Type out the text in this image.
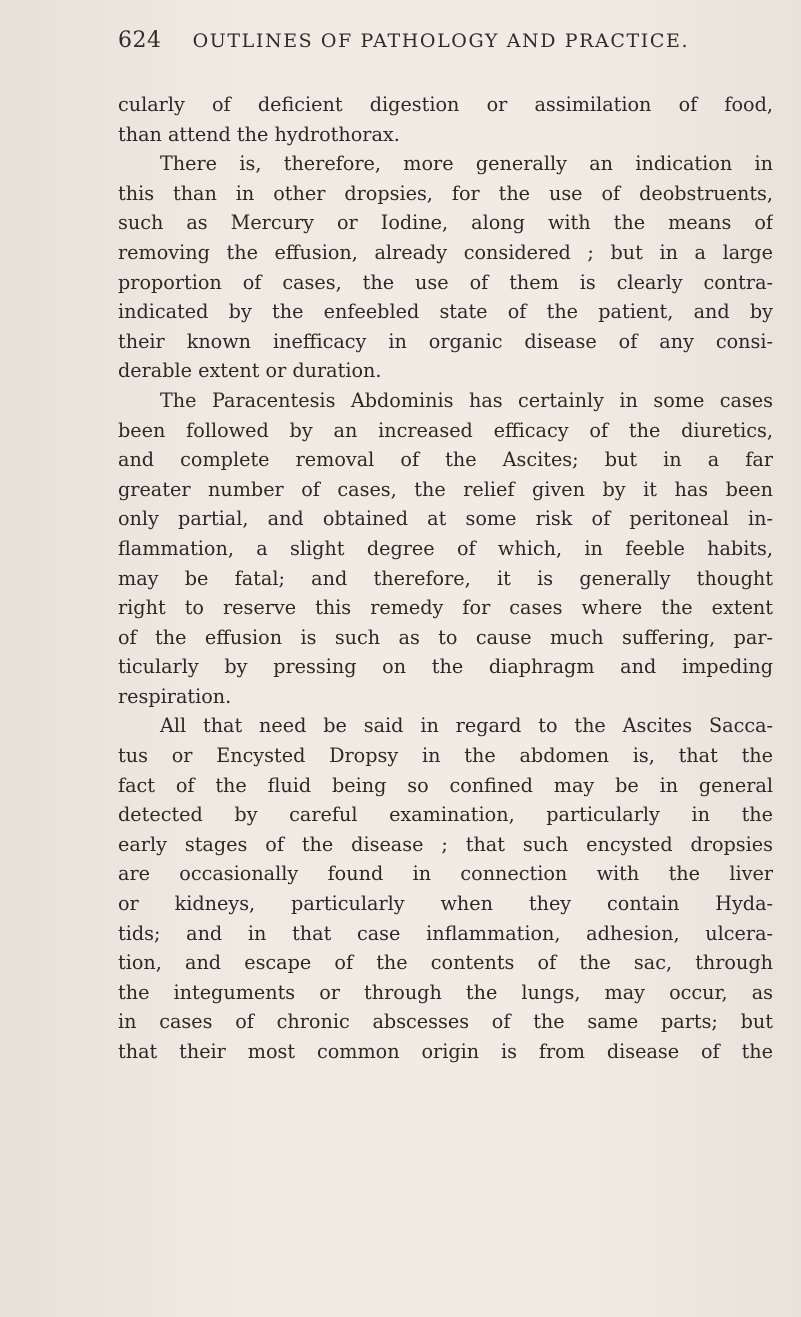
624 OUTLINES OF PATHOLOGY AND PRACTICE.
cularly of deficient digestion or assimilation of food,
than attend the hydrothorax.
There is, therefore, more generally an indication in
this than in other dropsies, for the use of deobstruents,
such as Mercury or Iodine, along with the means of
removing the effusion, already considered ; but in a large
proportion of cases, the use of them is clearly contra-
indicated by the enfeebled state of the patient, and by
their known inefficacy in organic disease of any consi-
derable extent or duration.
The Paracentesis Abdominis has certainly in some cases
been followed by an increased efficacy of the diuretics,
and complete removal of the Ascites; but in a far
greater number of cases, the relief given by it has been
only partial, and obtained at some risk of peritoneal in-
flammation, a slight degree of which, in feeble habits,
may be fatal; and therefore, it is generally thought
right to reserve this remedy for cases where the extent
of the effusion is such as to cause much suffering, par-
ticularly by pressing on the diaphragm and impeding
respiration.
All that need be said in regard to the Ascites Sacca-
tus or Encysted Dropsy in the abdomen is, that the
fact of the fluid being so confined may be in general
detected by careful examination, particularly in the
early stages of the disease ; that such encysted dropsies
are occasionally found in connection with the liver
or kidneys, particularly when they contain Hyda-
tids; and in that case inflammation, adhesion, ulcera-
tion, and escape of the contents of the sac, through
the integuments or through the lungs, may occur, as
in cases of chronic abscesses of the same parts; but
that their most common origin is from disease of the
